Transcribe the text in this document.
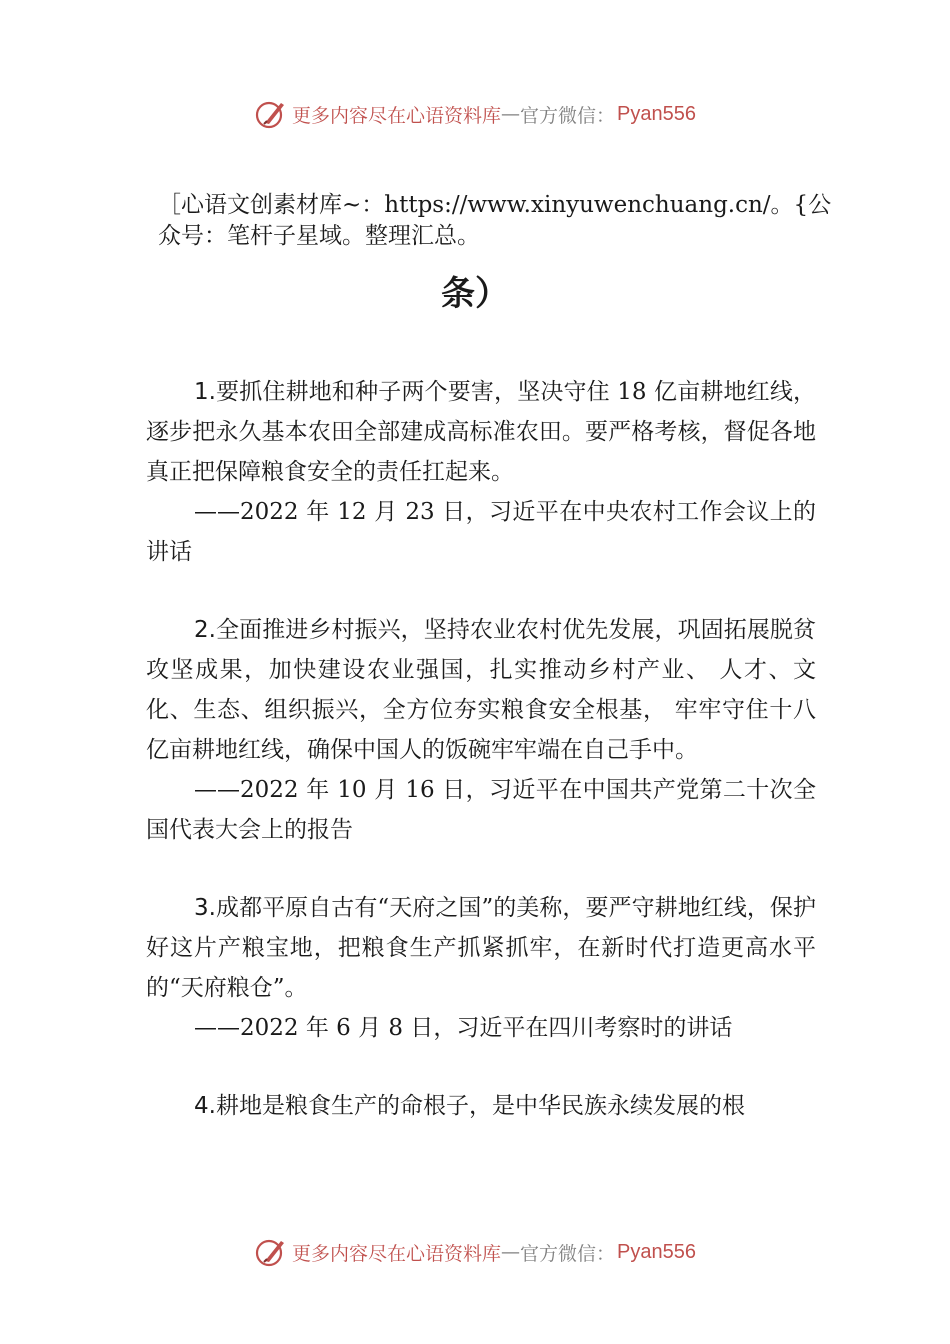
更多内容尽在心语资料库 — 官方微信： Pyan556
［心语文创素材库~：https://www.xinyuwenchuang.cn/。{公众号：笔杆子星域。整理汇总。
条）

1.要抓住耕地和种子两个要害，坚决守住 18 亿亩耕地红线，逐步把永久基本农田全部建成高标准农田。要严格考核，督促各地真正把保障粮食安全的责任扛起来。

——2022 年 12 月 23 日，习近平在中央农村工作会议上的讲话

2.全面推进乡村振兴，坚持农业农村优先发展，巩固拓展脱贫攻坚成果，加快建设农业强国，扎实推动乡村产业、 人才、文化、生态、组织振兴，全方位夯实粮食安全根基， 牢牢守住十八亿亩耕地红线，确保中国人的饭碗牢牢端在自己手中。

——2022 年 10 月 16 日，习近平在中国共产党第二十次全国代表大会上的报告

3.成都平原自古有“天府之国”的美称，要严守耕地红线，保护好这片产粮宝地，把粮食生产抓紧抓牢，在新时代打造更高水平的“天府粮仓”。

——2022 年 6 月 8 日，习近平在四川考察时的讲话

4.耕地是粮食生产的命根子，是中华民族永续发展的根

更多内容尽在心语资料库 — 官方微信： Pyan556
